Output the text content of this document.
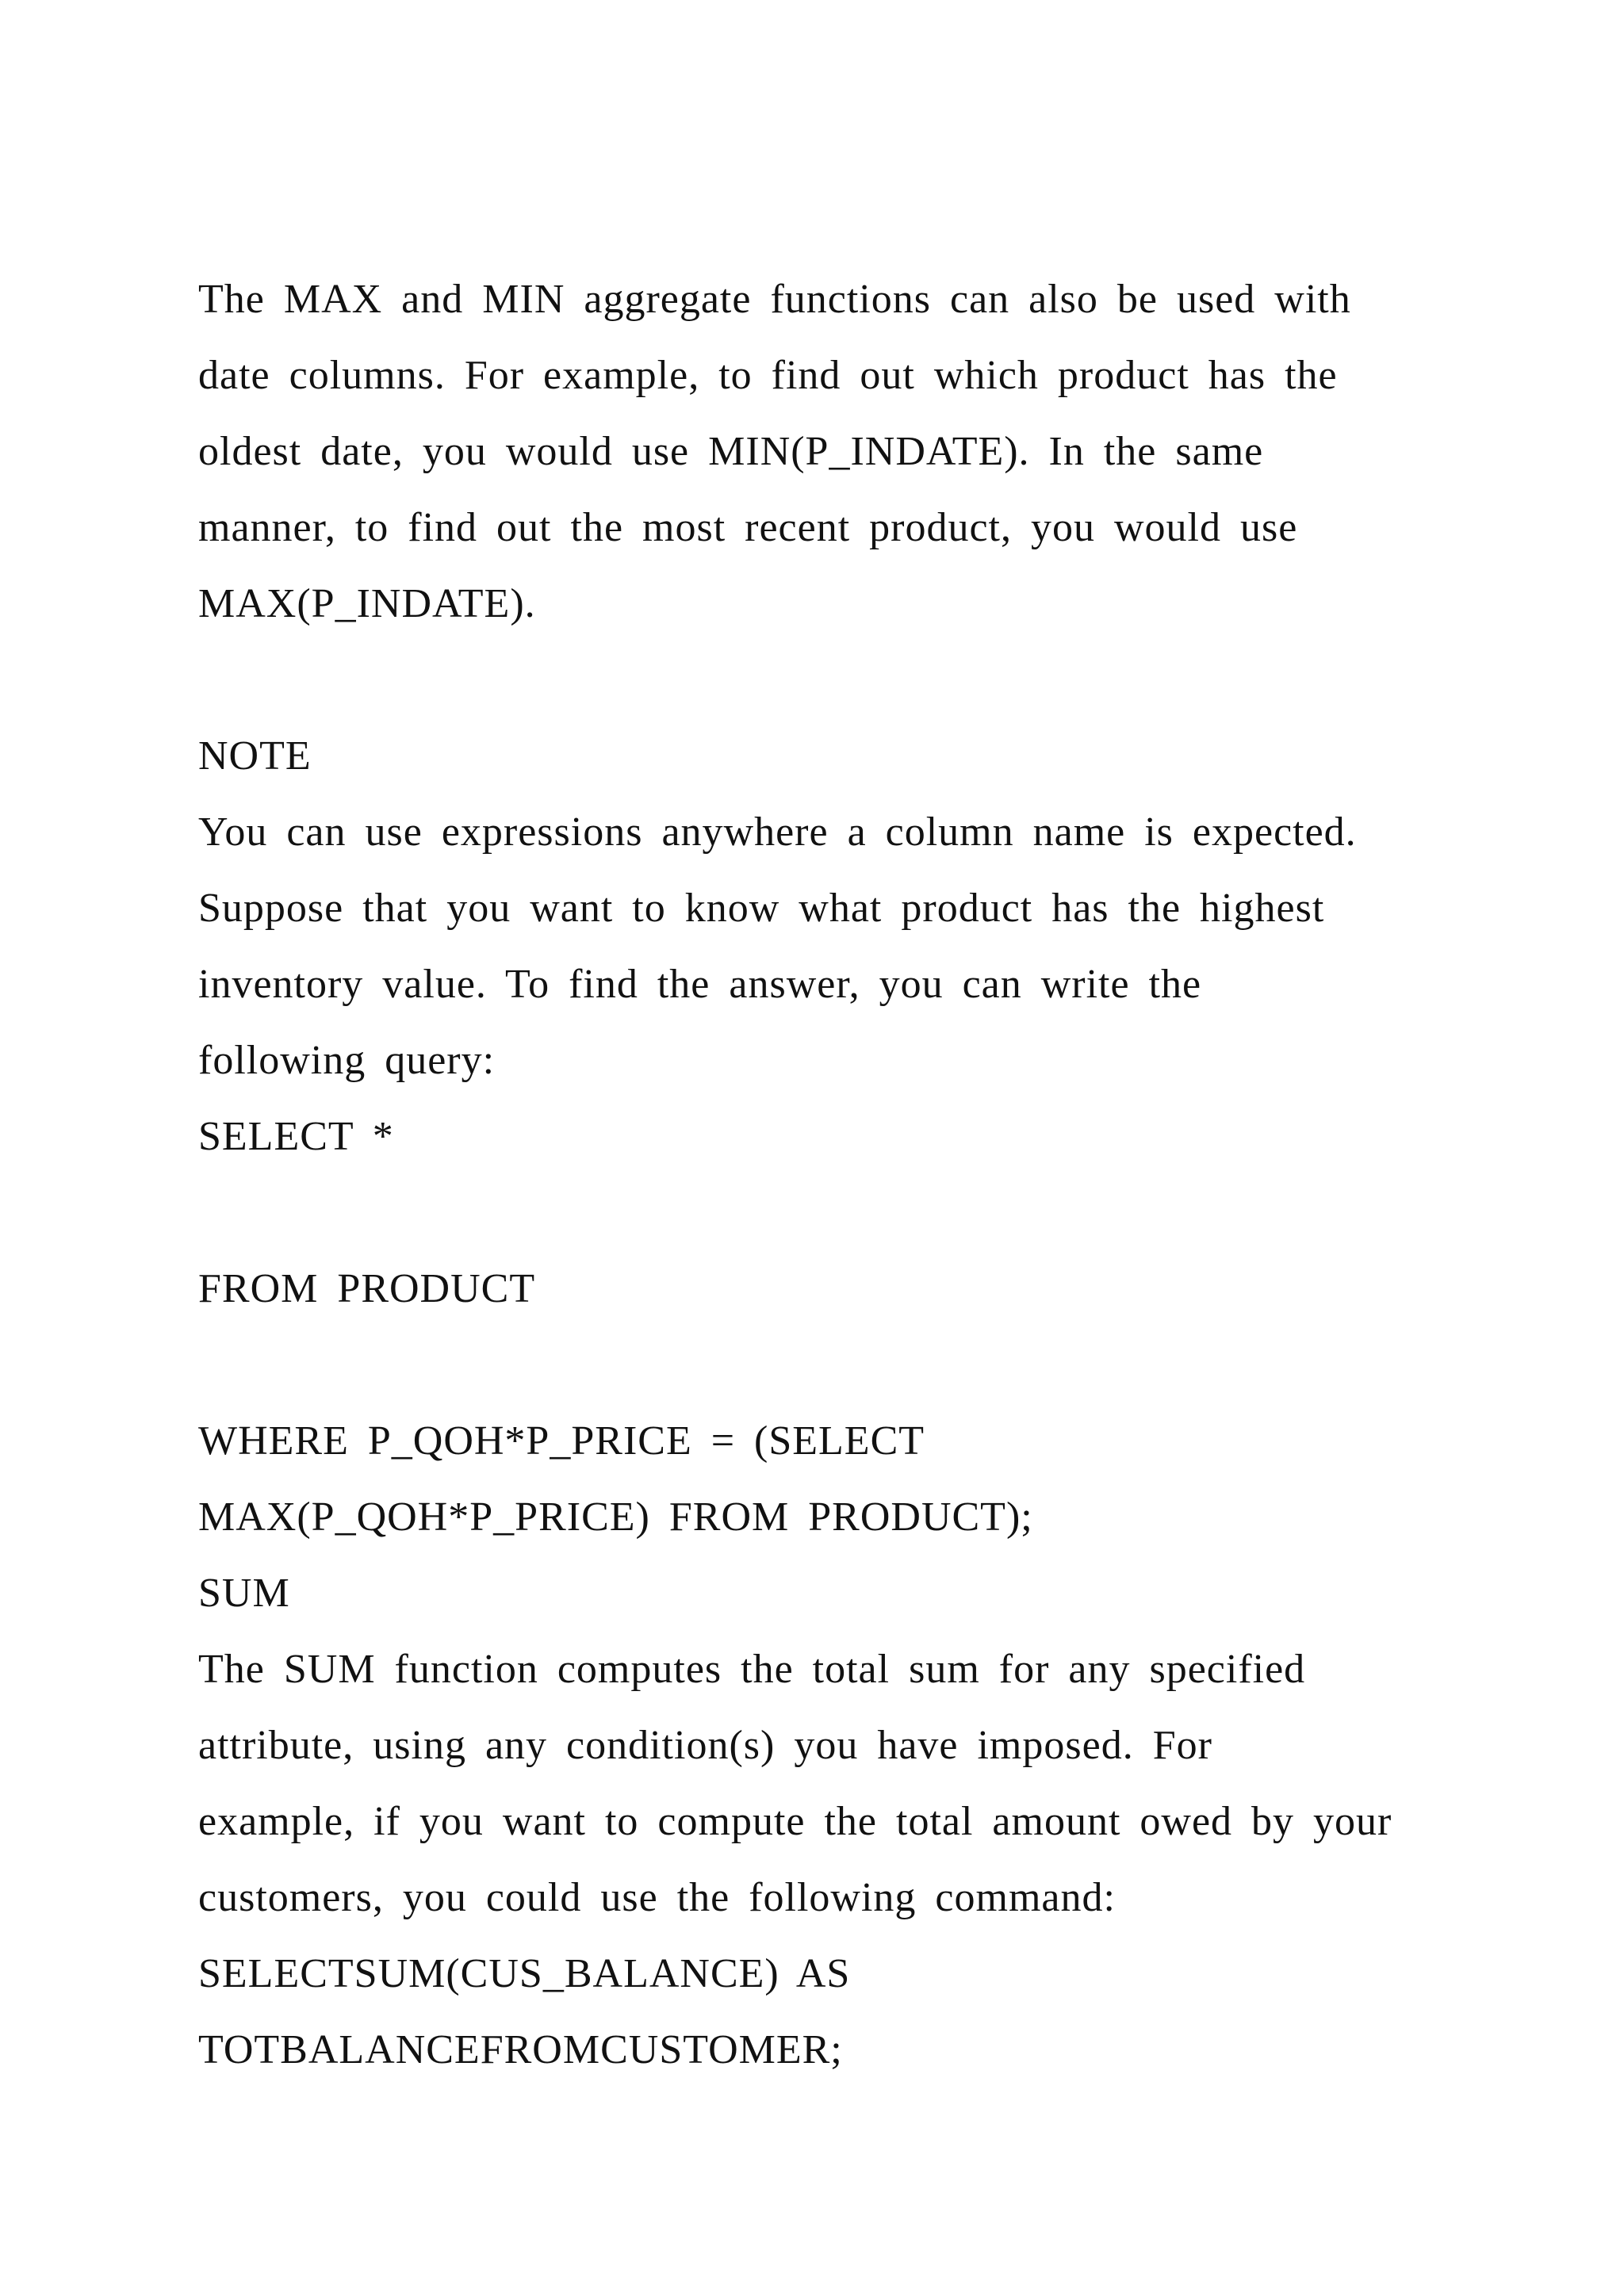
The MAX and MIN aggregate functions can also be used with
date columns. For example, to find out which product has the
oldest date, you would use MIN(P_INDATE). In the same
manner, to find out the most recent product, you would use
MAX(P_INDATE).
NOTE
You can use expressions anywhere a column name is expected.
Suppose that you want to know what product has the highest
inventory value. To find the answer, you can write the
following query:
SELECT *
FROM PRODUCT
WHERE P_QOH*P_PRICE = (SELECT
MAX(P_QOH*P_PRICE) FROM PRODUCT);
SUM
The SUM function computes the total sum for any specified
attribute, using any condition(s) you have imposed. For
example, if you want to compute the total amount owed by your
customers, you could use the following command:
SELECTSUM(CUS_BALANCE) AS
TOTBALANCEFROMCUSTOMER;
